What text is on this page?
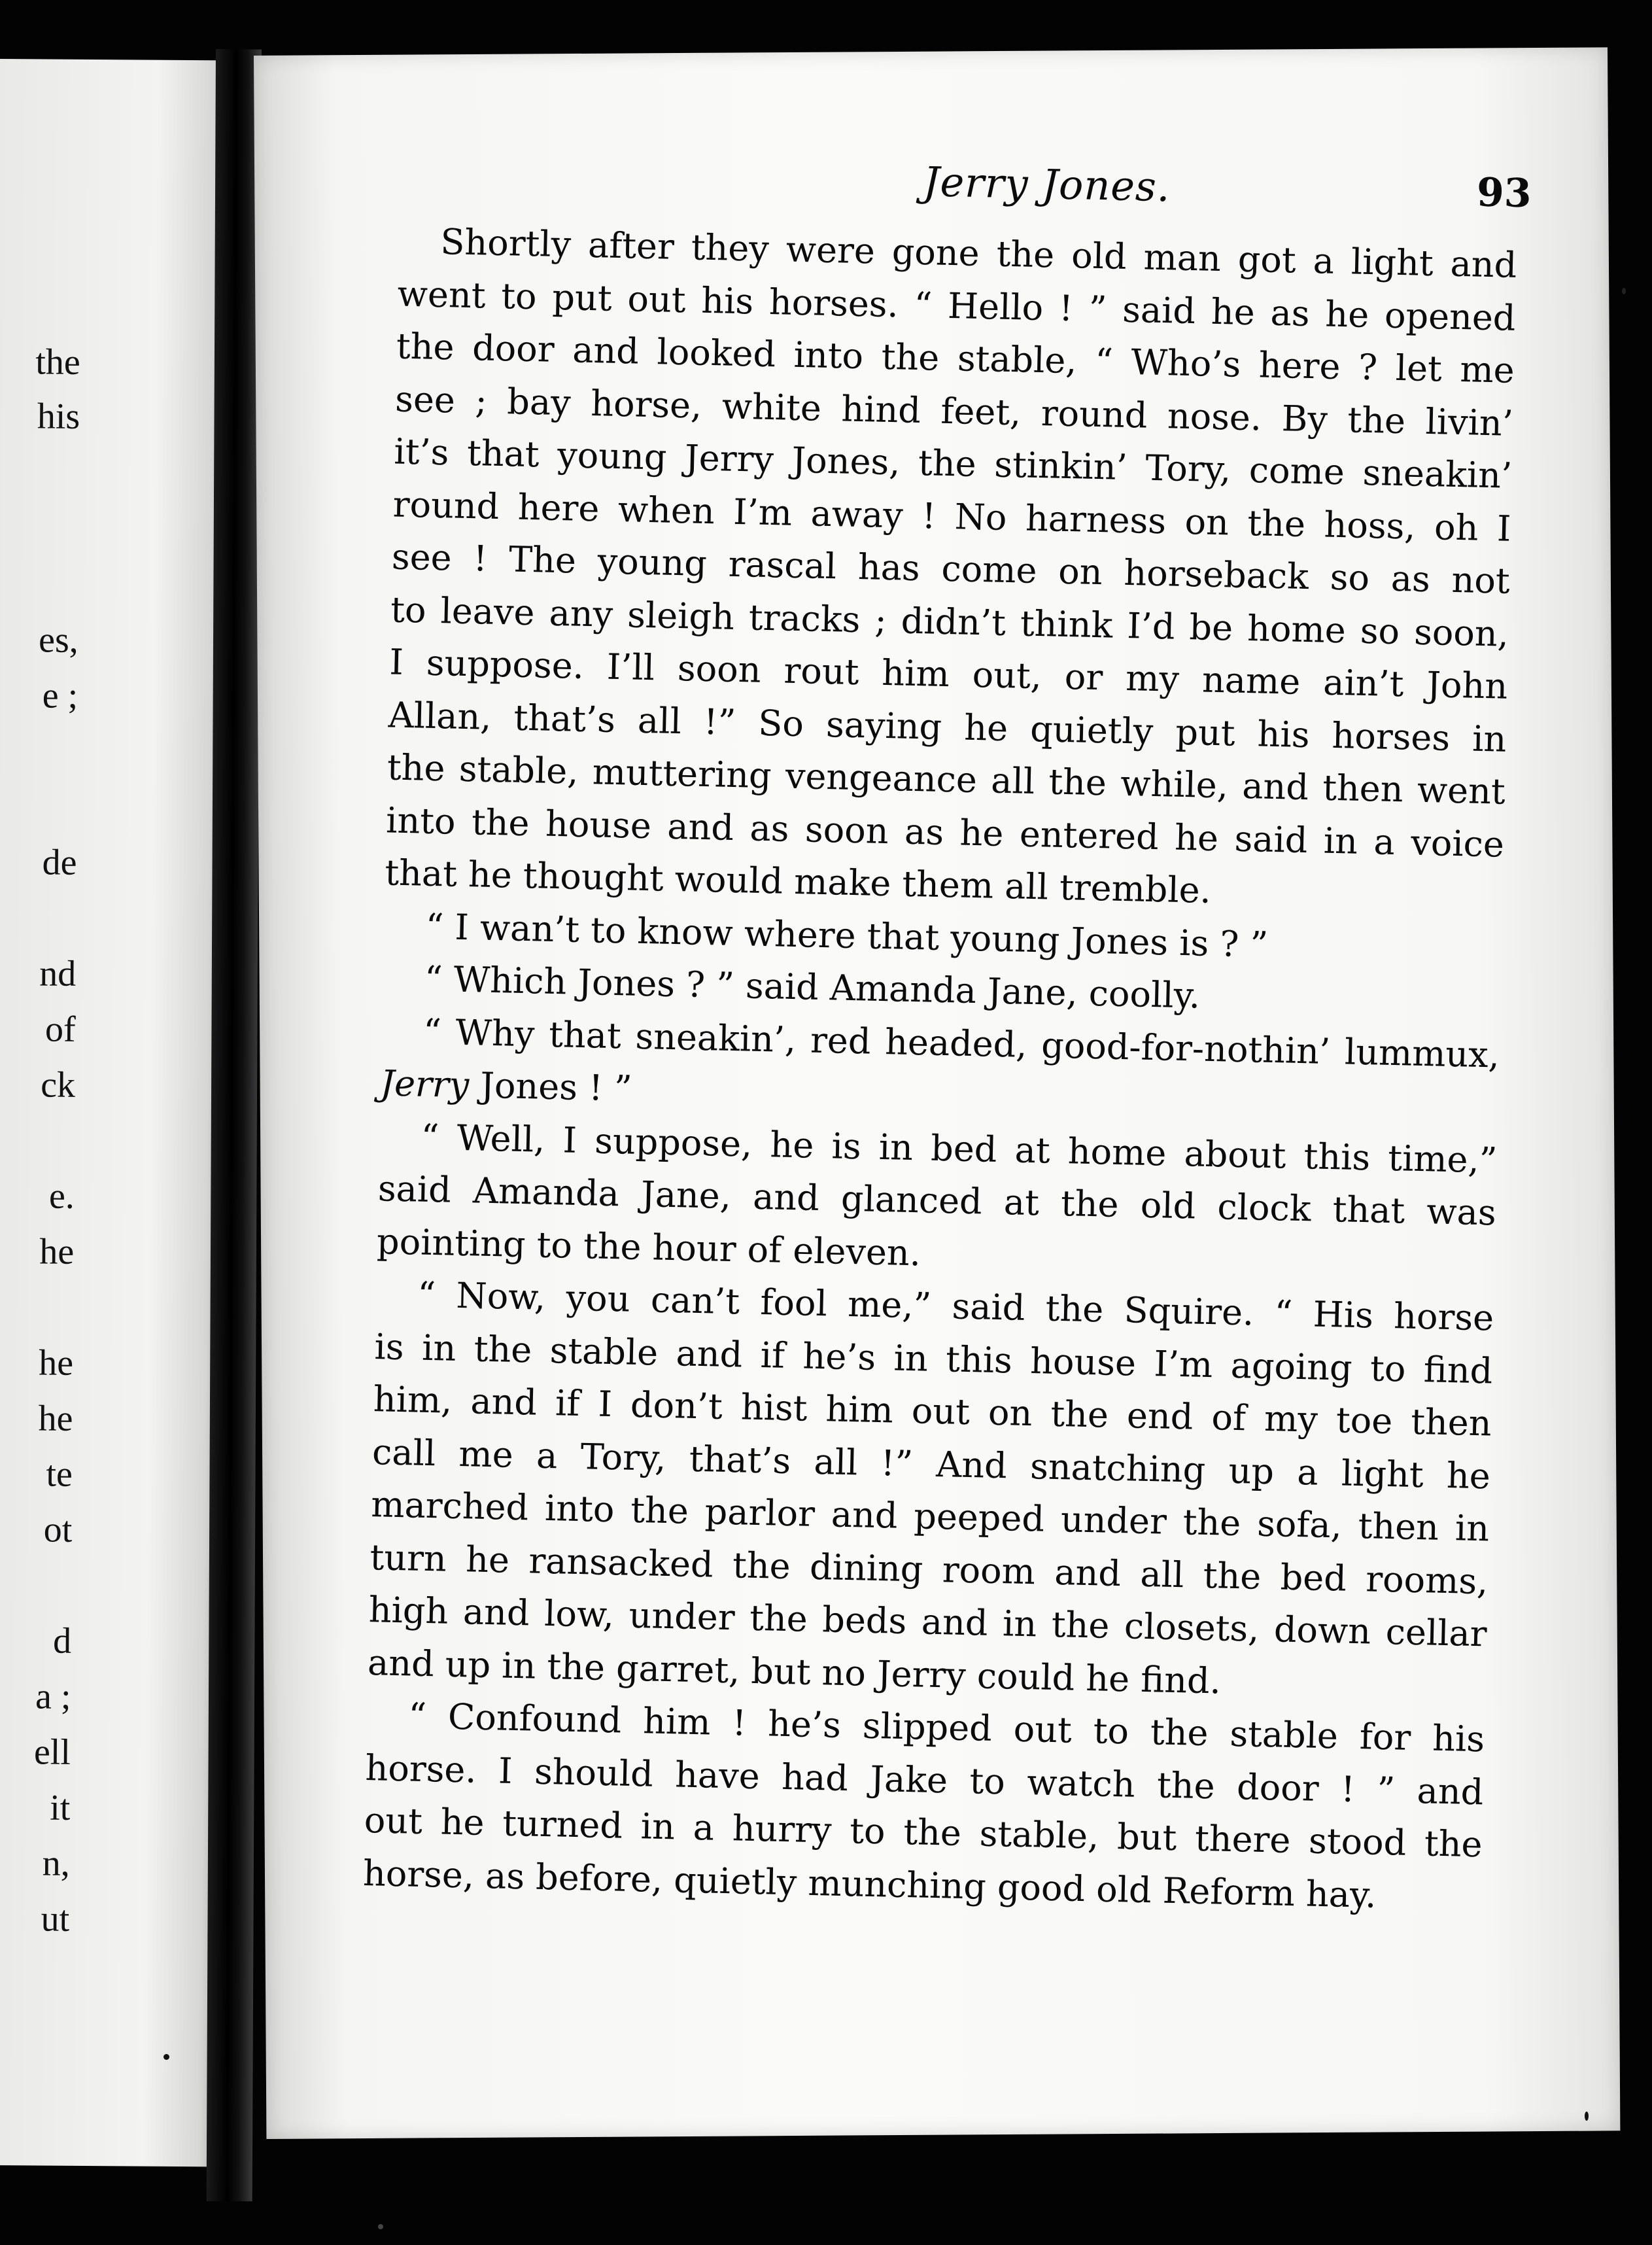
the
his
es,
e ;
de
nd
of
ck
e.
he
he
he
te
ot
d
a ;
ell
it
n,
ut
Jerry Jones.	93
Shortly after they were gone the old man got a light and
went to put out his horses. “ Hello ! ” said he as he opened
the door and looked into the stable, “ Who’s here ? let me
see ; bay horse, white hind feet, round nose. By the livin’
it’s that young Jerry Jones, the stinkin’ Tory, come sneakin’
round here when I’m away ! No harness on the hoss, oh I
see ! The young rascal has come on horseback so as not
to leave any sleigh tracks ; didn’t think I’d be home so soon,
I suppose. I’ll soon rout him out, or my name ain’t John
Allan, that’s all !” So saying he quietly put his horses in
the stable, muttering vengeance all the while, and then went
into the house and as soon as he entered he said in a voice
that he thought would make them all tremble.
“ I wan’t to know where that young Jones is ? ”
“ Which Jones ? ” said Amanda Jane, coolly.
“ Why that sneakin’, red headed, good-for-nothin’ lummux,
Jerry Jones ! ”
“ Well, I suppose, he is in bed at home about this time,”
said Amanda Jane, and glanced at the old clock that was
pointing to the hour of eleven.
“ Now, you can’t fool me,” said the Squire. “ His horse
is in the stable and if he’s in this house I’m agoing to find
him, and if I don’t hist him out on the end of my toe then
call me a Tory, that’s all !” And snatching up a light he
marched into the parlor and peeped under the sofa, then in
turn he ransacked the dining room and all the bed rooms,
high and low, under the beds and in the closets, down cellar
and up in the garret, but no Jerry could he find.
“ Confound him ! he’s slipped out to the stable for his
horse. I should have had Jake to watch the door ! ” and
out he turned in a hurry to the stable, but there stood the
horse, as before, quietly munching good old Reform hay.
